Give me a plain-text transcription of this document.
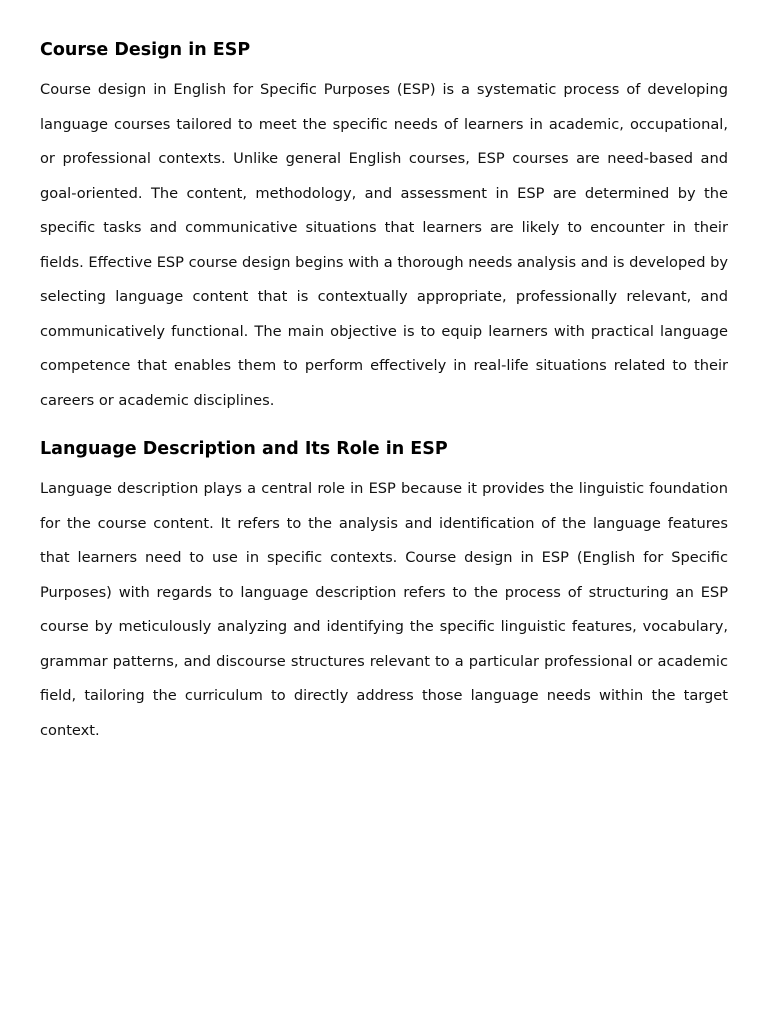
Course Design in ESP

Course design in English for Specific Purposes (ESP) is a systematic process of developing language courses tailored to meet the specific needs of learners in academic, occupational, or professional contexts. Unlike general English courses, ESP courses are need-based and goal-oriented. The content, methodology, and assessment in ESP are determined by the specific tasks and communicative situations that learners are likely to encounter in their fields. Effective ESP course design begins with a thorough needs analysis and is developed by selecting language content that is contextually appropriate, professionally relevant, and communicatively functional. The main objective is to equip learners with practical language competence that enables them to perform effectively in real-life situations related to their careers or academic disciplines.

Language Description and Its Role in ESP

Language description plays a central role in ESP because it provides the linguistic foundation for the course content. It refers to the analysis and identification of the language features that learners need to use in specific contexts. Course design in ESP (English for Specific Purposes) with regards to language description refers to the process of structuring an ESP course by meticulously analyzing and identifying the specific linguistic features, vocabulary, grammar patterns, and discourse structures relevant to a particular professional or academic field, tailoring the curriculum to directly address those language needs within the target context.
